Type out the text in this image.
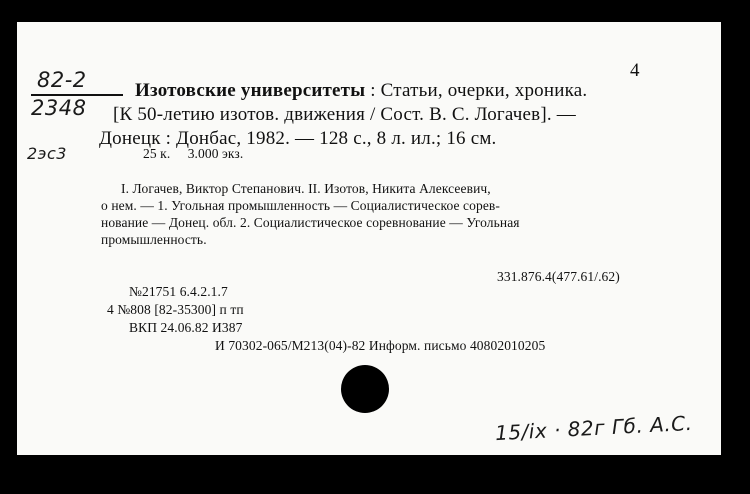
4
82-2
2348
2эс3
Изотовские университеты : Статьи, очерки, хроника.
[К 50-летию изотов. движения / Сост. В. С. Логачев]. —
Донецк : Донбас, 1982. — 128 с., 8 л. ил.; 16 см.
25 к. 3.000 экз.
I. Логачев, Виктор Степанович. II. Изотов, Никита Алексеевич,
о нем. — 1. Угольная промышленность — Социалистическое сорев-
нование — Донец. обл. 2. Социалистическое соревнование — Угольная
промышленность.
331.876.4(477.61/.62)
№21751 6.4.2.1.7
4 №808 [82-35300] п тп
ВКП 24.06.82 И387
И 70302-065/М213(04)-82 Информ. письмо 40802010205
15/ix · 82г Гб. А.С.
